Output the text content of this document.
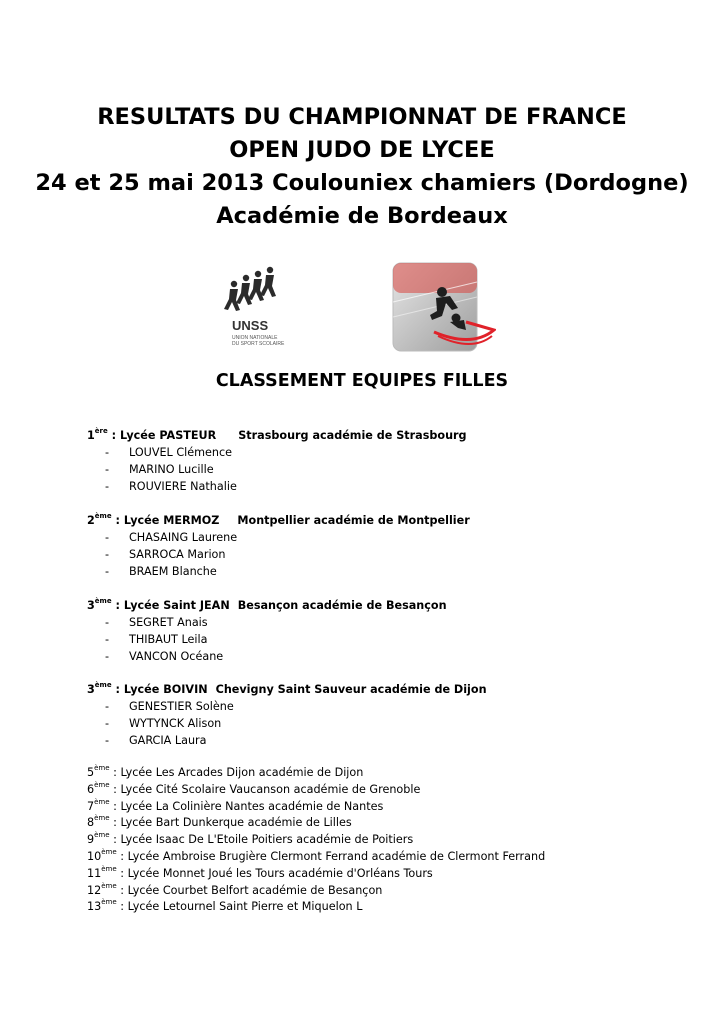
RESULTATS DU CHAMPIONNAT DE FRANCE
OPEN JUDO DE LYCEE
24 et 25 mai 2013 Coulouniex chamiers (Dordogne)
Académie de Bordeaux
UNSS
UNION NATIONALE
DU SPORT SCOLAIRE
CLASSEMENT EQUIPES FILLES
1ère : Lycée PASTEUR Strasbourg académie de Strasbourg
- LOUVEL Clémence
- MARINO Lucille
- ROUVIERE Nathalie
2ème : Lycée MERMOZ Montpellier académie de Montpellier
- CHASAING Laurene
- SARROCA Marion
- BRAEM Blanche
3ème : Lycée Saint JEAN Besançon académie de Besançon
- SEGRET Anais
- THIBAUT Leila
- VANCON Océane
3ème : Lycée BOIVIN Chevigny Saint Sauveur académie de Dijon
- GENESTIER Solène
- WYTYNCK Alison
- GARCIA Laura
5ème : Lycée Les Arcades Dijon académie de Dijon
6ème : Lycée Cité Scolaire Vaucanson académie de Grenoble
7ème : Lycée La Colinière Nantes académie de Nantes
8ème : Lycée Bart Dunkerque académie de Lilles
9ème : Lycée Isaac De L'Etoile Poitiers académie de Poitiers
10ème : Lycée Ambroise Brugière Clermont Ferrand académie de Clermont Ferrand
11ème : Lycée Monnet Joué les Tours académie d'Orléans Tours
12ème : Lycée Courbet Belfort académie de Besançon
13ème : Lycée Letournel Saint Pierre et Miquelon L
